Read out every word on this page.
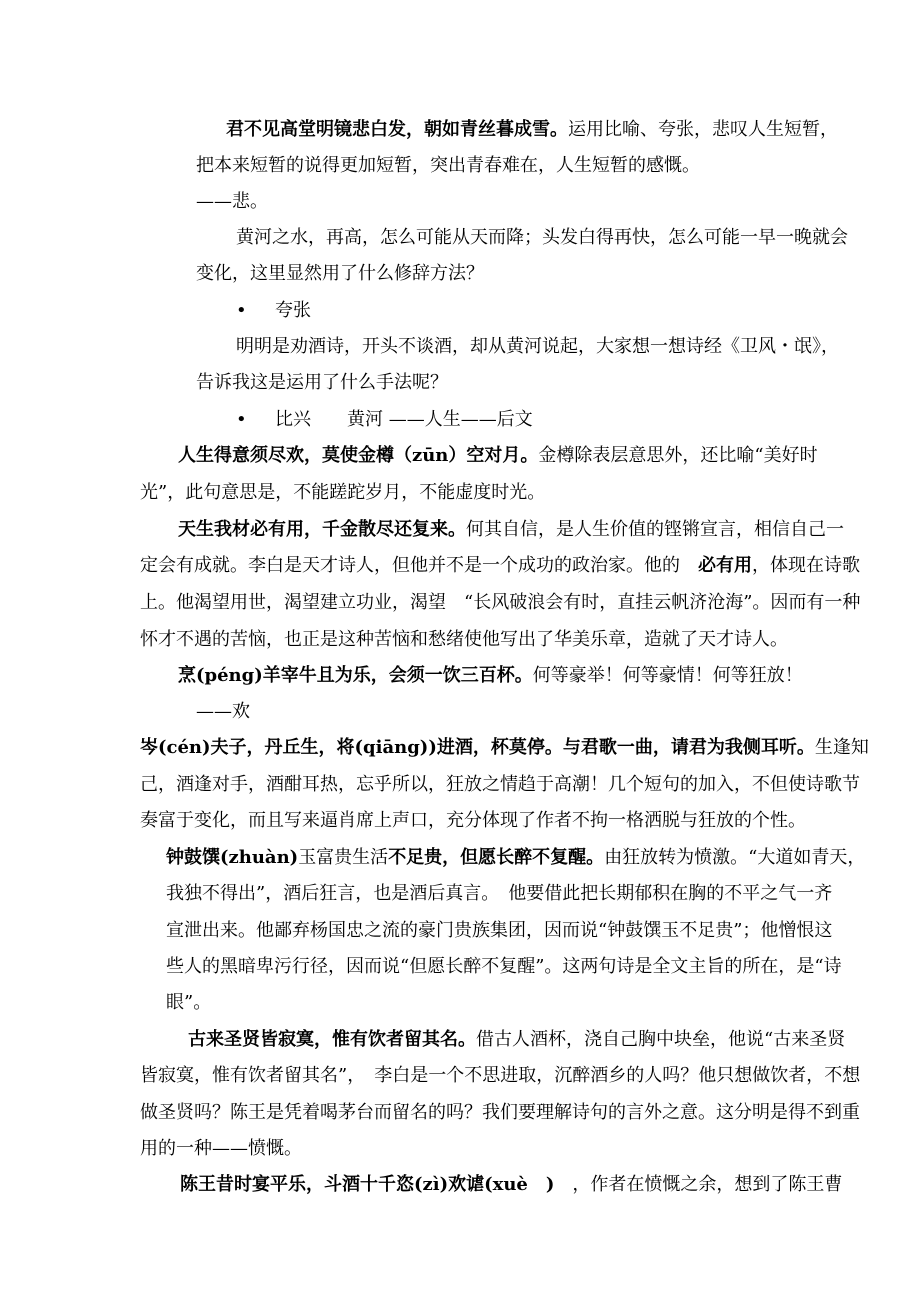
君不见高堂明镜悲白发，朝如青丝暮成雪。运用比喻、夸张，悲叹人生短暂，
把本来短暂的说得更加短暂，突出青春难在，人生短暂的感慨。
——悲。
黄河之水，再高，怎么可能从天而降；头发白得再快，怎么可能一早一晚就会
变化，这里显然用了什么修辞方法？
• 夸张
明明是劝酒诗，开头不谈酒，却从黄河说起，大家想一想诗经《卫风・氓》，
告诉我这是运用了什么手法呢？
• 比兴　　黄河 ——人生——后文
人生得意须尽欢，莫使金樽（zūn）空对月。金樽除表层意思外，还比喻“美好时
光”，此句意思是，不能蹉跎岁月，不能虚度时光。
天生我材必有用，千金散尽还复来。何其自信，是人生价值的铿锵宣言，相信自己一
定会有成就。李白是天才诗人，但他并不是一个成功的政治家。他的　必有用，体现在诗歌
上。他渴望用世，渴望建立功业，渴望　“长风破浪会有时，直挂云帆济沧海”。因而有一种
怀才不遇的苦恼，也正是这种苦恼和愁绪使他写出了华美乐章，造就了天才诗人。
烹(péng)羊宰牛且为乐，会须一饮三百杯。何等豪举！何等豪情！何等狂放！
——欢
岑(cén)夫子，丹丘生，将(qiāng))进酒，杯莫停。与君歌一曲，请君为我侧耳听。生逢知
己，酒逢对手，酒酣耳热，忘乎所以，狂放之情趋于高潮！几个短句的加入，不但使诗歌节
奏富于变化，而且写来逼肖席上声口，充分体现了作者不拘一格洒脱与狂放的个性。
钟鼓馔(zhuàn)玉富贵生活不足贵，但愿长醉不复醒。由狂放转为愤激。“大道如青天，
我独不得出”，酒后狂言，也是酒后真言。　他要借此把长期郁积在胸的不平之气一齐
宣泄出来。他鄙弃杨国忠之流的豪门贵族集团，因而说“钟鼓馔玉不足贵”；他憎恨这
些人的黑暗卑污行径，因而说“但愿长醉不复醒”。这两句诗是全文主旨的所在，是“诗
眼”。
古来圣贤皆寂寞，惟有饮者留其名。借古人酒杯，浇自己胸中块垒，他说“古来圣贤
皆寂寞，惟有饮者留其名”，　李白是一个不思进取，沉醉酒乡的人吗？他只想做饮者，不想
做圣贤吗？陈王是凭着喝茅台而留名的吗？我们要理解诗句的言外之意。这分明是得不到重
用的一种——愤慨。
陈王昔时宴平乐，斗酒十千恣(zì)欢谑(xuè　)　，作者在愤慨之余，想到了陈王曹
